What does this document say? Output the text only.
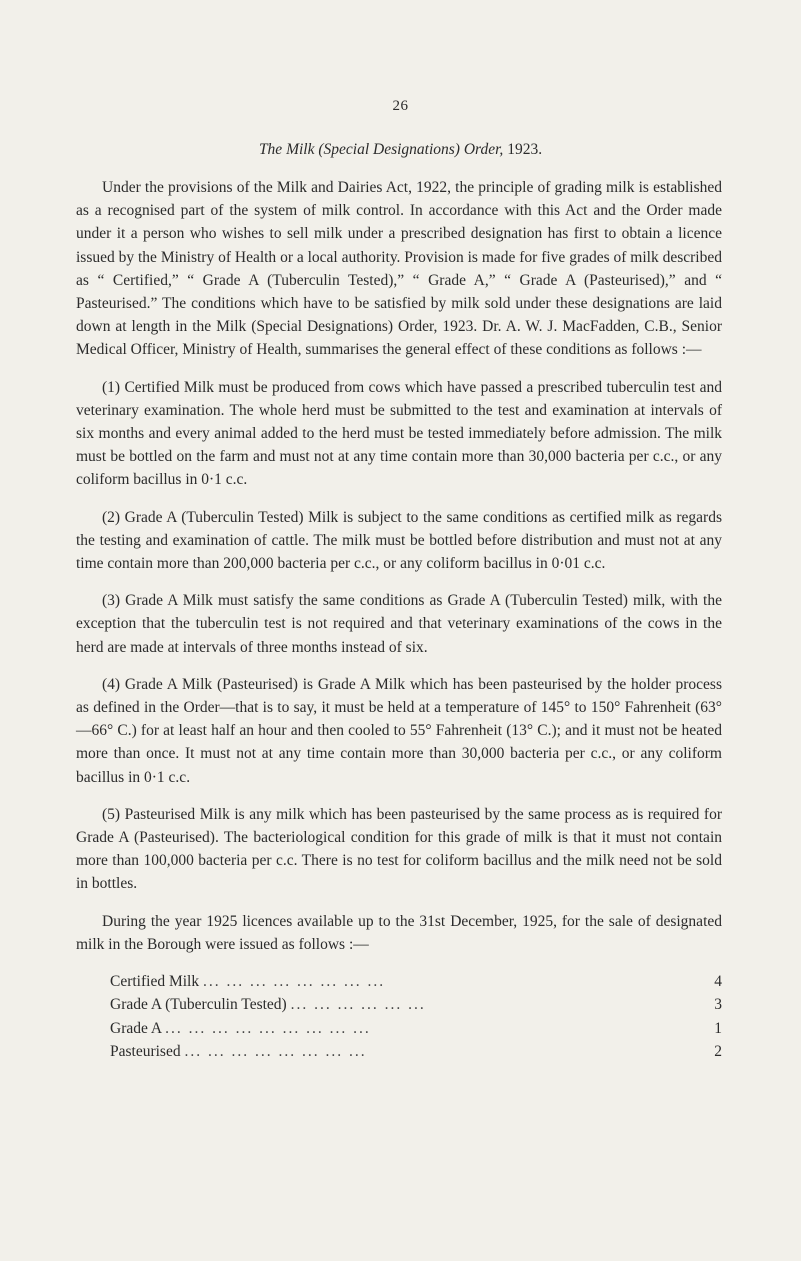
26
The Milk (Special Designations) Order, 1923.

Under the provisions of the Milk and Dairies Act, 1922, the principle of grading milk is established as a recognised part of the system of milk control. In accordance with this Act and the Order made under it a person who wishes to sell milk under a prescribed designation has first to obtain a licence issued by the Ministry of Health or a local authority. Provision is made for five grades of milk described as “ Certified,” “ Grade A (Tuberculin Tested),” “ Grade A,” “ Grade A (Pasteurised),” and “ Pasteurised.” The conditions which have to be satisfied by milk sold under these designations are laid down at length in the Milk (Special Designations) Order, 1923. Dr. A. W. J. MacFadden, C.B., Senior Medical Officer, Ministry of Health, summarises the general effect of these conditions as follows :—

(1) Certified Milk must be produced from cows which have passed a prescribed tuberculin test and veterinary examination. The whole herd must be submitted to the test and examination at intervals of six months and every animal added to the herd must be tested immediately before admission. The milk must be bottled on the farm and must not at any time contain more than 30,000 bacteria per c.c., or any coliform bacillus in 0·1 c.c.

(2) Grade A (Tuberculin Tested) Milk is subject to the same conditions as certified milk as regards the testing and examination of cattle. The milk must be bottled before distribution and must not at any time contain more than 200,000 bacteria per c.c., or any coliform bacillus in 0·01 c.c.

(3) Grade A Milk must satisfy the same conditions as Grade A (Tuberculin Tested) milk, with the exception that the tuberculin test is not required and that veterinary examinations of the cows in the herd are made at intervals of three months instead of six.

(4) Grade A Milk (Pasteurised) is Grade A Milk which has been pasteurised by the holder process as defined in the Order—that is to say, it must be held at a temperature of 145° to 150° Fahrenheit (63°—66° C.) for at least half an hour and then cooled to 55° Fahrenheit (13° C.); and it must not be heated more than once. It must not at any time contain more than 30,000 bacteria per c.c., or any coliform bacillus in 0·1 c.c.

(5) Pasteurised Milk is any milk which has been pasteurised by the same process as is required for Grade A (Pasteurised). The bacteriological condition for this grade of milk is that it must not contain more than 100,000 bacteria per c.c. There is no test for coliform bacillus and the milk need not be sold in bottles.

During the year 1925 licences available up to the 31st December, 1925, for the sale of designated milk in the Borough were issued as follows :—

Certified Milk ... ... ... ... ... ... ... ...	4
Grade A (Tuberculin Tested) ... ... ... ... ... ...	3
Grade A ... ... ... ... ... ... ... ... ...	1
Pasteurised ... ... ... ... ... ... ... ...	2
